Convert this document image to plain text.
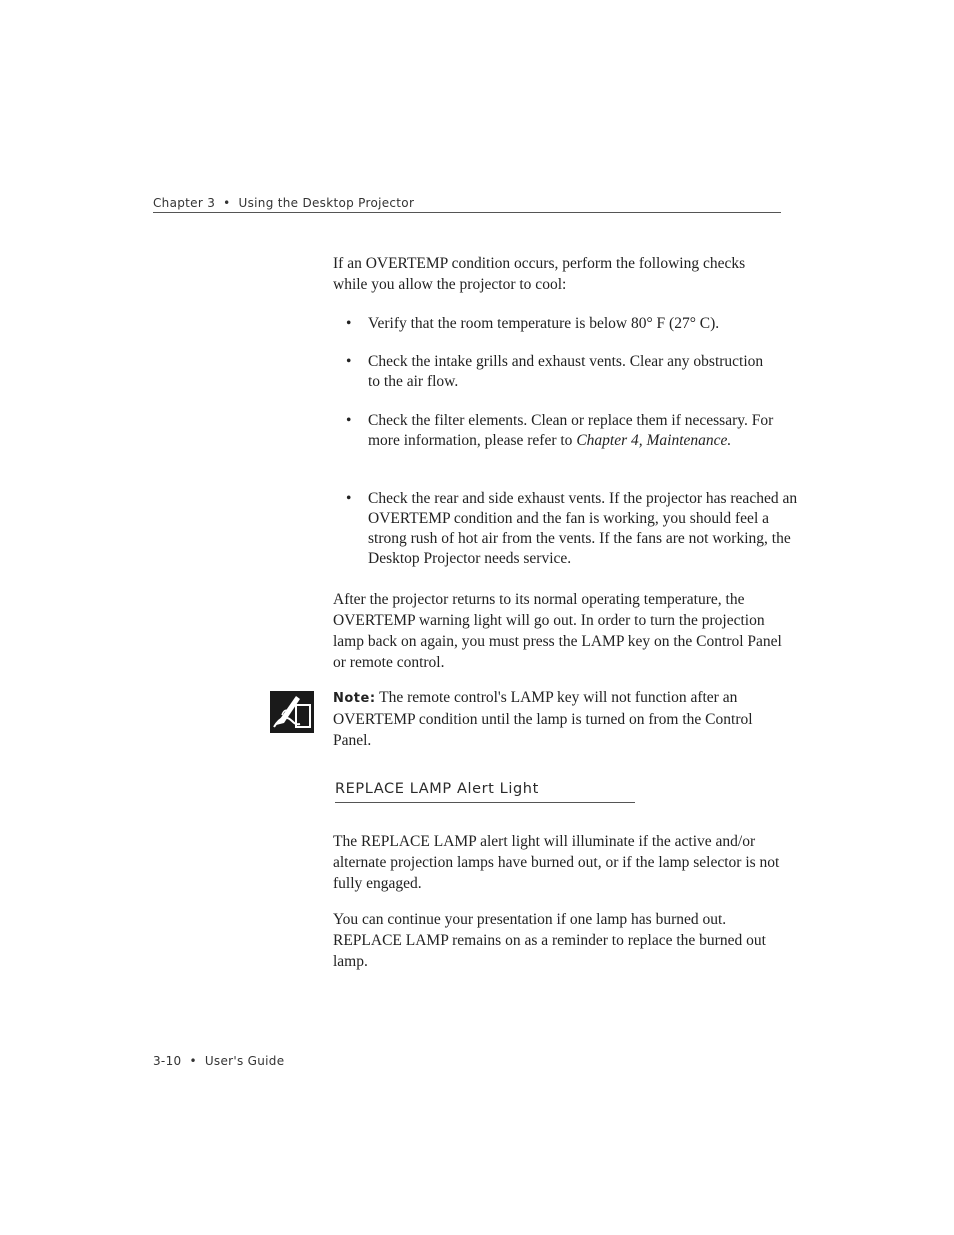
Chapter 3 • Using the Desktop Projector

If an OVERTEMP condition occurs, perform the following checks while you allow the projector to cool:

• Verify that the room temperature is below 80° F (27° C).
• Check the intake grills and exhaust vents. Clear any obstruction to the air flow.
• Check the filter elements. Clean or replace them if necessary. For more information, please refer to Chapter 4, Maintenance.
• Check the rear and side exhaust vents. If the projector has reached an OVERTEMP condition and the fan is working, you should feel a strong rush of hot air from the vents. If the fans are not working, the Desktop Projector needs service.

After the projector returns to its normal operating temperature, the OVERTEMP warning light will go out. In order to turn the projection lamp back on again, you must press the LAMP key on the Control Panel or remote control.

Note: The remote control's LAMP key will not function after an OVERTEMP condition until the lamp is turned on from the Control Panel.

REPLACE LAMP Alert Light

The REPLACE LAMP alert light will illuminate if the active and/or alternate projection lamps have burned out, or if the lamp selector is not fully engaged.

You can continue your presentation if one lamp has burned out. REPLACE LAMP remains on as a reminder to replace the burned out lamp.

3-10 • User's Guide
